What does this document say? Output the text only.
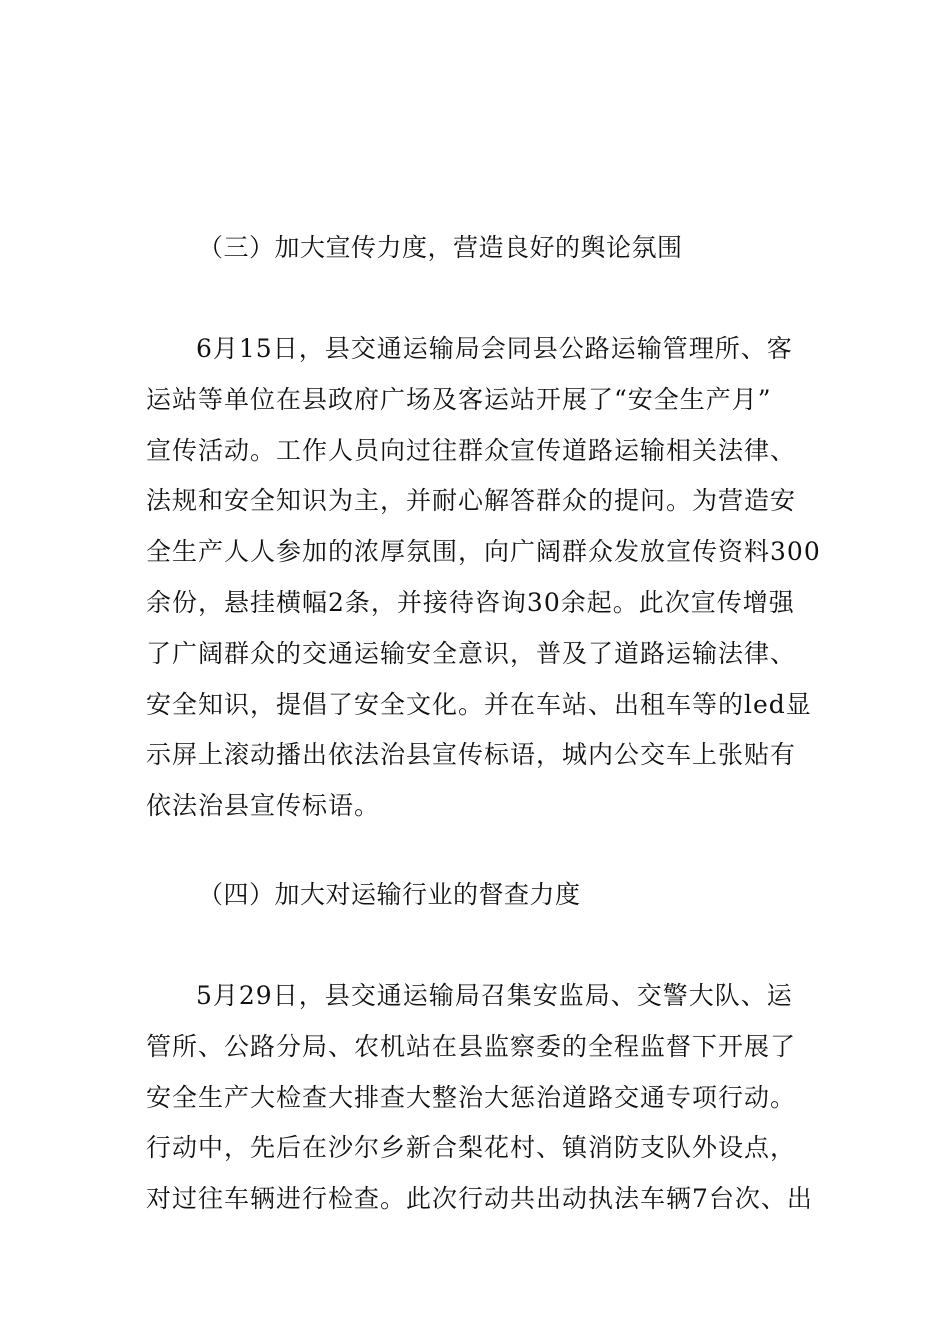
（三）加大宣传力度，营造良好的舆论氛围
6月15日，县交通运输局会同县公路运输管理所、客
运站等单位在县政府广场及客运站开展了“安全生产月”
宣传活动。工作人员向过往群众宣传道路运输相关法律、
法规和安全知识为主，并耐心解答群众的提问。为营造安
全生产人人参加的浓厚氛围，向广阔群众发放宣传资料300
余份，悬挂横幅2条，并接待咨询30余起。此次宣传增强
了广阔群众的交通运输安全意识，普及了道路运输法律、
安全知识，提倡了安全文化。并在车站、出租车等的led显
示屏上滚动播出依法治县宣传标语，城内公交车上张贴有
依法治县宣传标语。
（四）加大对运输行业的督查力度
5月29日，县交通运输局召集安监局、交警大队、运
管所、公路分局、农机站在县监察委的全程监督下开展了
安全生产大检查大排查大整治大惩治道路交通专项行动。
行动中，先后在沙尔乡新合梨花村、镇消防支队外设点，
对过往车辆进行检查。此次行动共出动执法车辆7台次、出
